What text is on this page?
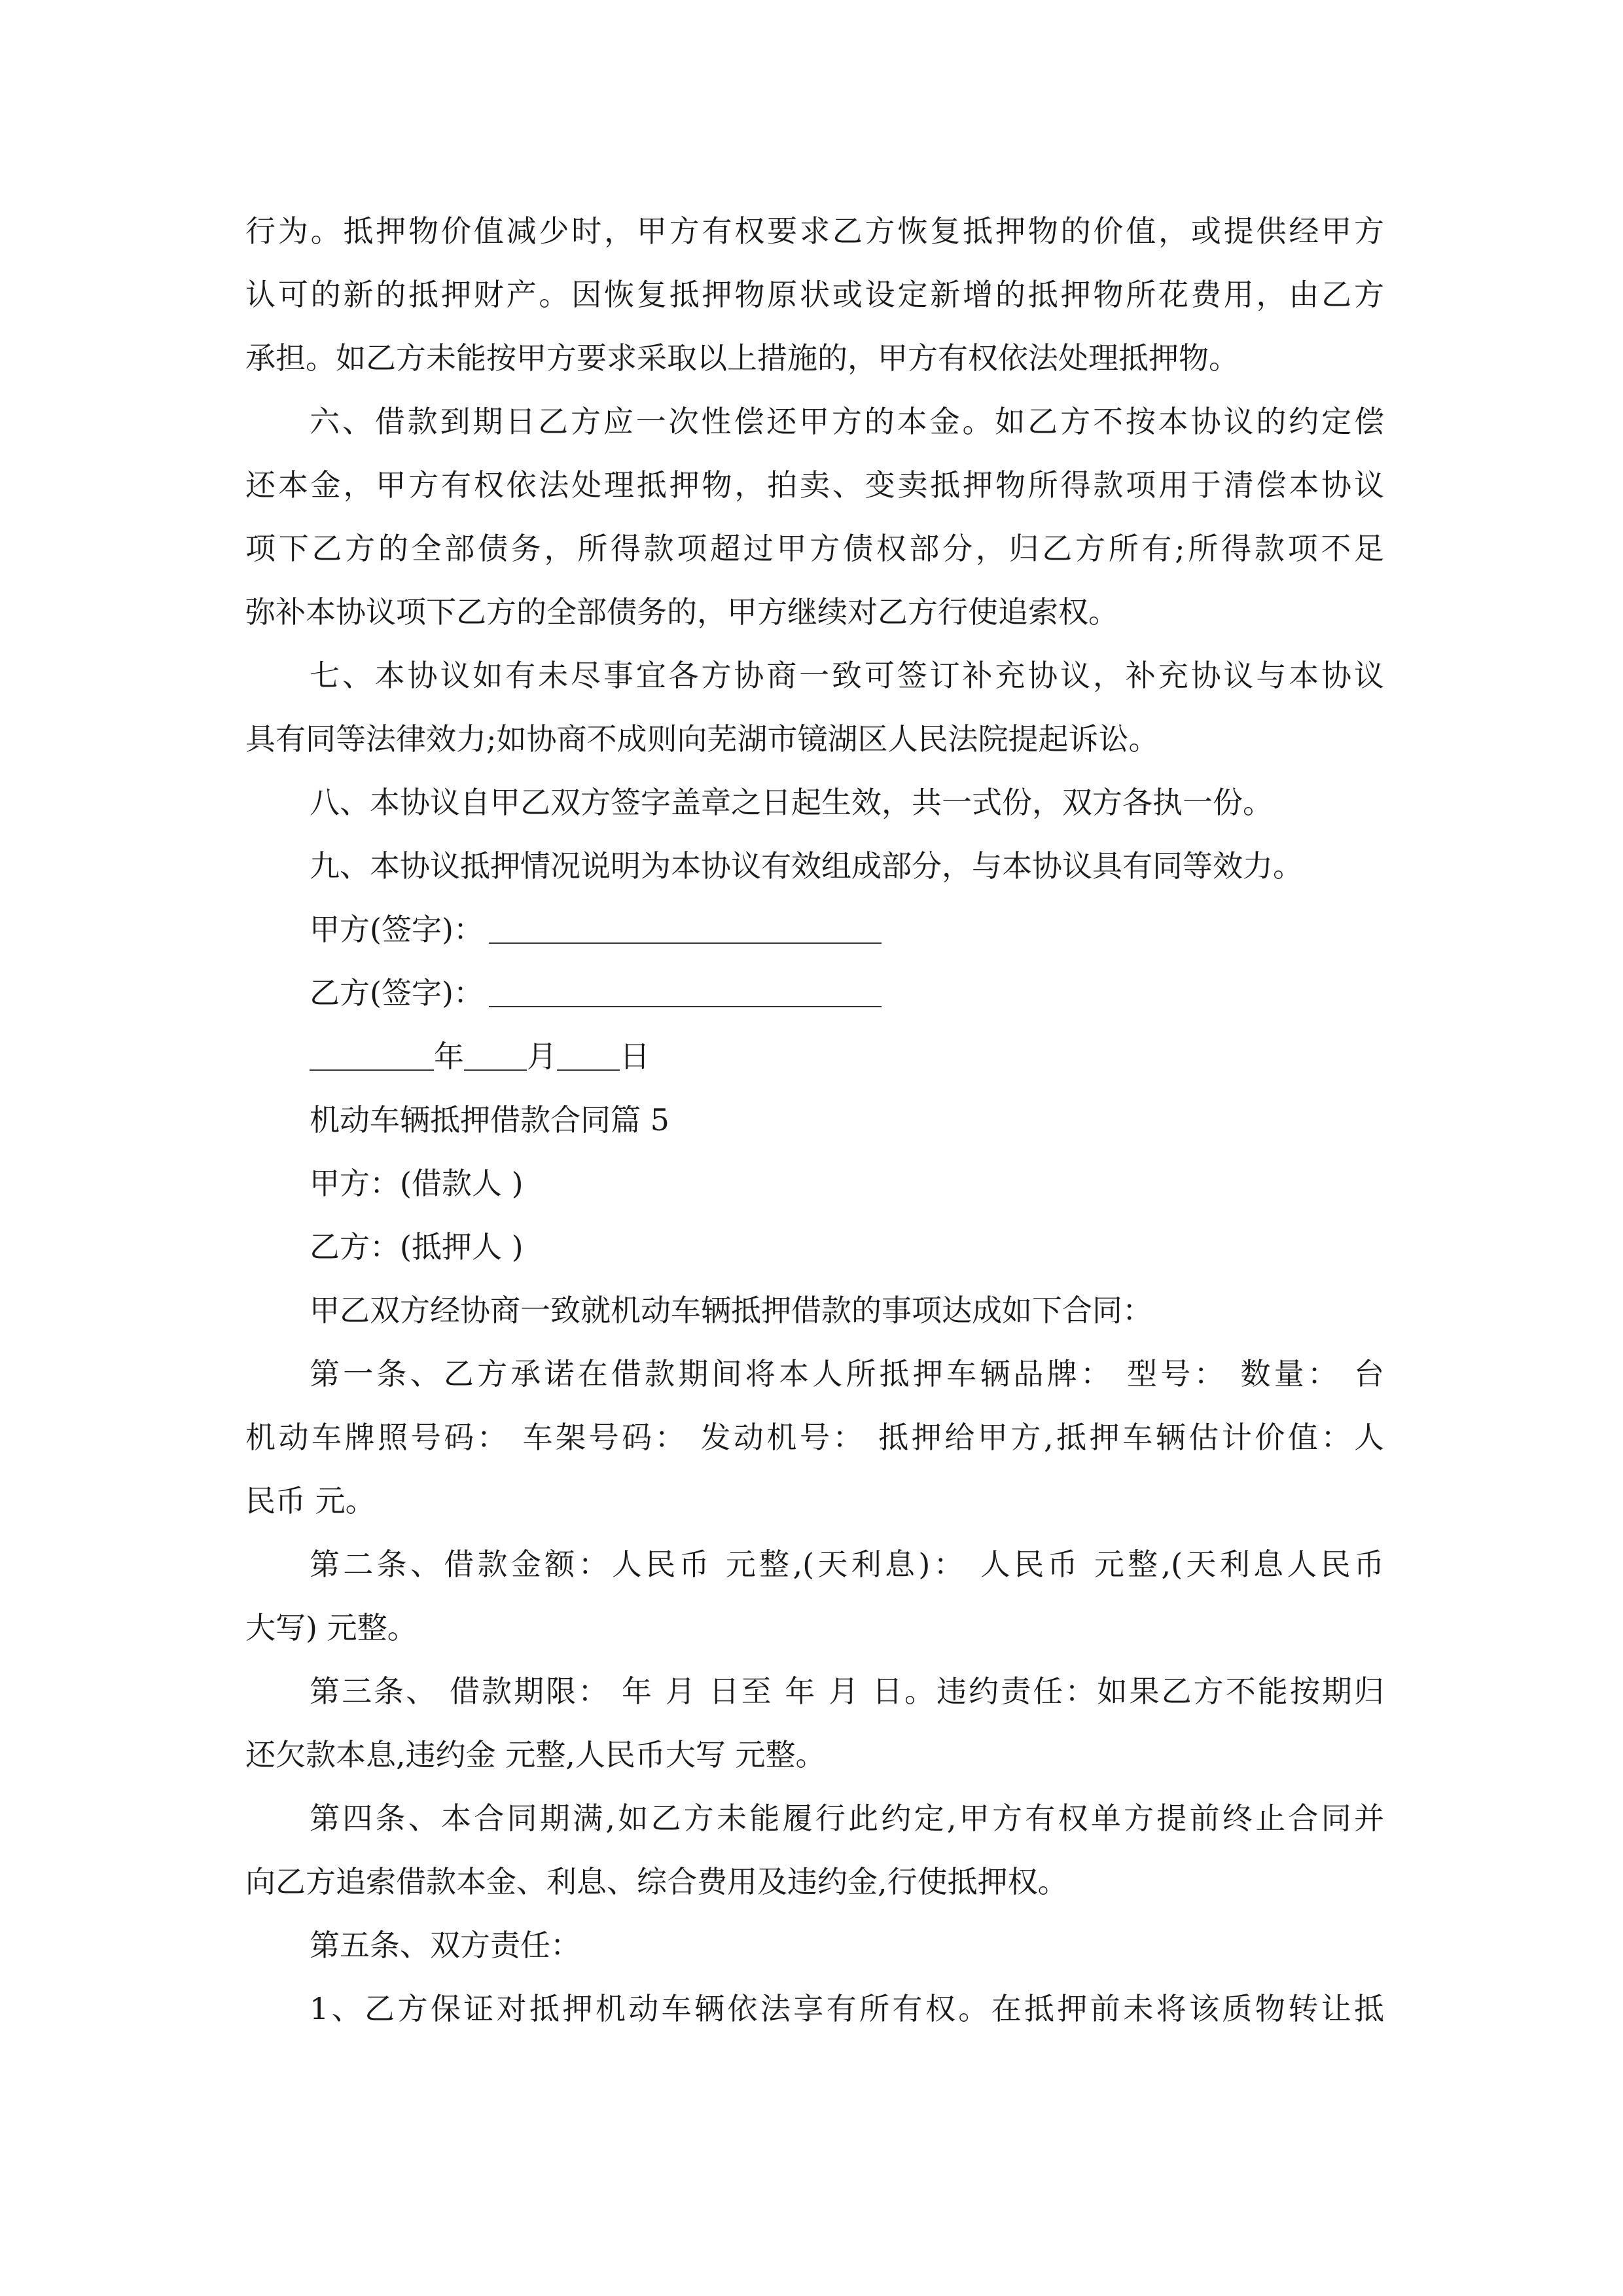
行为。抵押物价值减少时，甲方有权要求乙方恢复抵押物的价值，或提供经甲方
认可的新的抵押财产。因恢复抵押物原状或设定新增的抵押物所花费用，由乙方
承担。如乙方未能按甲方要求采取以上措施的，甲方有权依法处理抵押物。
六、借款到期日乙方应一次性偿还甲方的本金。如乙方不按本协议的约定偿
还本金，甲方有权依法处理抵押物，拍卖、变卖抵押物所得款项用于清偿本协议
项下乙方的全部债务，所得款项超过甲方债权部分，归乙方所有;所得款项不足
弥补本协议项下乙方的全部债务的，甲方继续对乙方行使追索权。
七、本协议如有未尽事宜各方协商一致可签订补充协议，补充协议与本协议
具有同等法律效力;如协商不成则向芜湖市镜湖区人民法院提起诉讼。
八、本协议自甲乙双方签字盖章之日起生效，共一式份，双方各执一份。
九、本协议抵押情况说明为本协议有效组成部分，与本协议具有同等效力。
甲方(签字)：
乙方(签字)：
年 月 日
机动车辆抵押借款合同篇 5
甲方：(借款人 )
乙方：(抵押人 )
甲乙双方经协商一致就机动车辆抵押借款的事项达成如下合同：
第一条、乙方承诺在借款期间将本人所抵押车辆品牌： 型号： 数量： 台
机动车牌照号码： 车架号码： 发动机号： 抵押给甲方,抵押车辆估计价值：人
民币 元。
第二条、借款金额：人民币 元整,(天利息)： 人民币 元整,(天利息人民币
大写) 元整。
第三条、 借款期限： 年 月 日至 年 月 日。违约责任：如果乙方不能按期归
还欠款本息,违约金 元整,人民币大写 元整。
第四条、本合同期满,如乙方未能履行此约定,甲方有权单方提前终止合同并
向乙方追索借款本金、利息、综合费用及违约金,行使抵押权。
第五条、双方责任：
1、乙方保证对抵押机动车辆依法享有所有权。在抵押前未将该质物转让抵
